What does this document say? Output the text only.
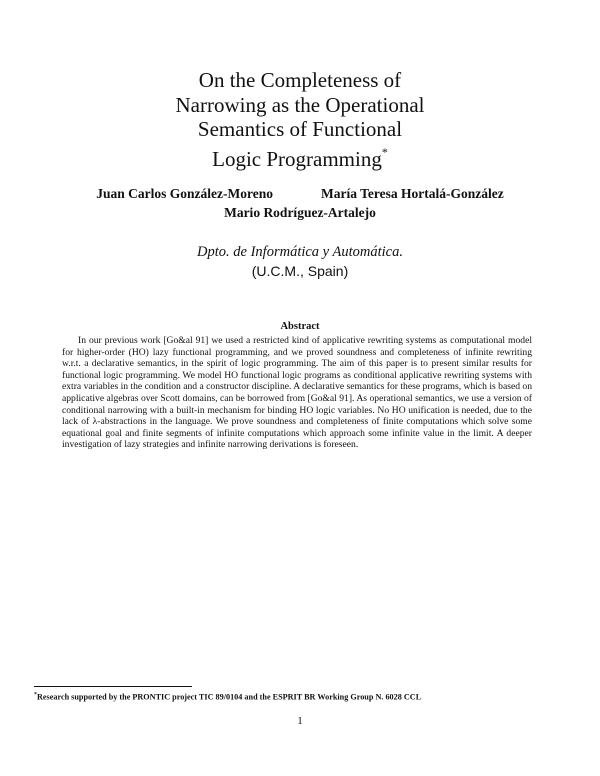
On the Completeness of
Narrowing as the Operational
Semantics of Functional
Logic Programming*
Juan Carlos González-Moreno	María Teresa Hortalá-González
Mario Rodríguez-Artalejo
Dpto. de Informática y Automática.
(U.C.M., Spain)
Abstract

In our previous work [Go&al 91] we used a restricted kind of applicative rewriting systems as computational model for higher-order (HO) lazy functional programming, and we proved soundness and completeness of infinite rewriting w.r.t. a declarative semantics, in the spirit of logic programming. The aim of this paper is to present similar results for functional logic programming. We model HO functional logic programs as conditional applicative rewriting systems with extra variables in the condition and a constructor discipline. A declarative semantics for these programs, which is based on applicative algebras over Scott domains, can be borrowed from [Go&al 91]. As operational semantics, we use a version of conditional narrowing with a built-in mechanism for binding HO logic variables. No HO unification is needed, due to the lack of λ-abstractions in the language. We prove soundness and completeness of finite computations which solve some equational goal and finite segments of infinite computations which approach some infinite value in the limit. A deeper investigation of lazy strategies and infinite narrowing derivations is foreseen.

*Research supported by the PRONTIC project TIC 89/0104 and the ESPRIT BR Working Group N. 6028 CCL
1
